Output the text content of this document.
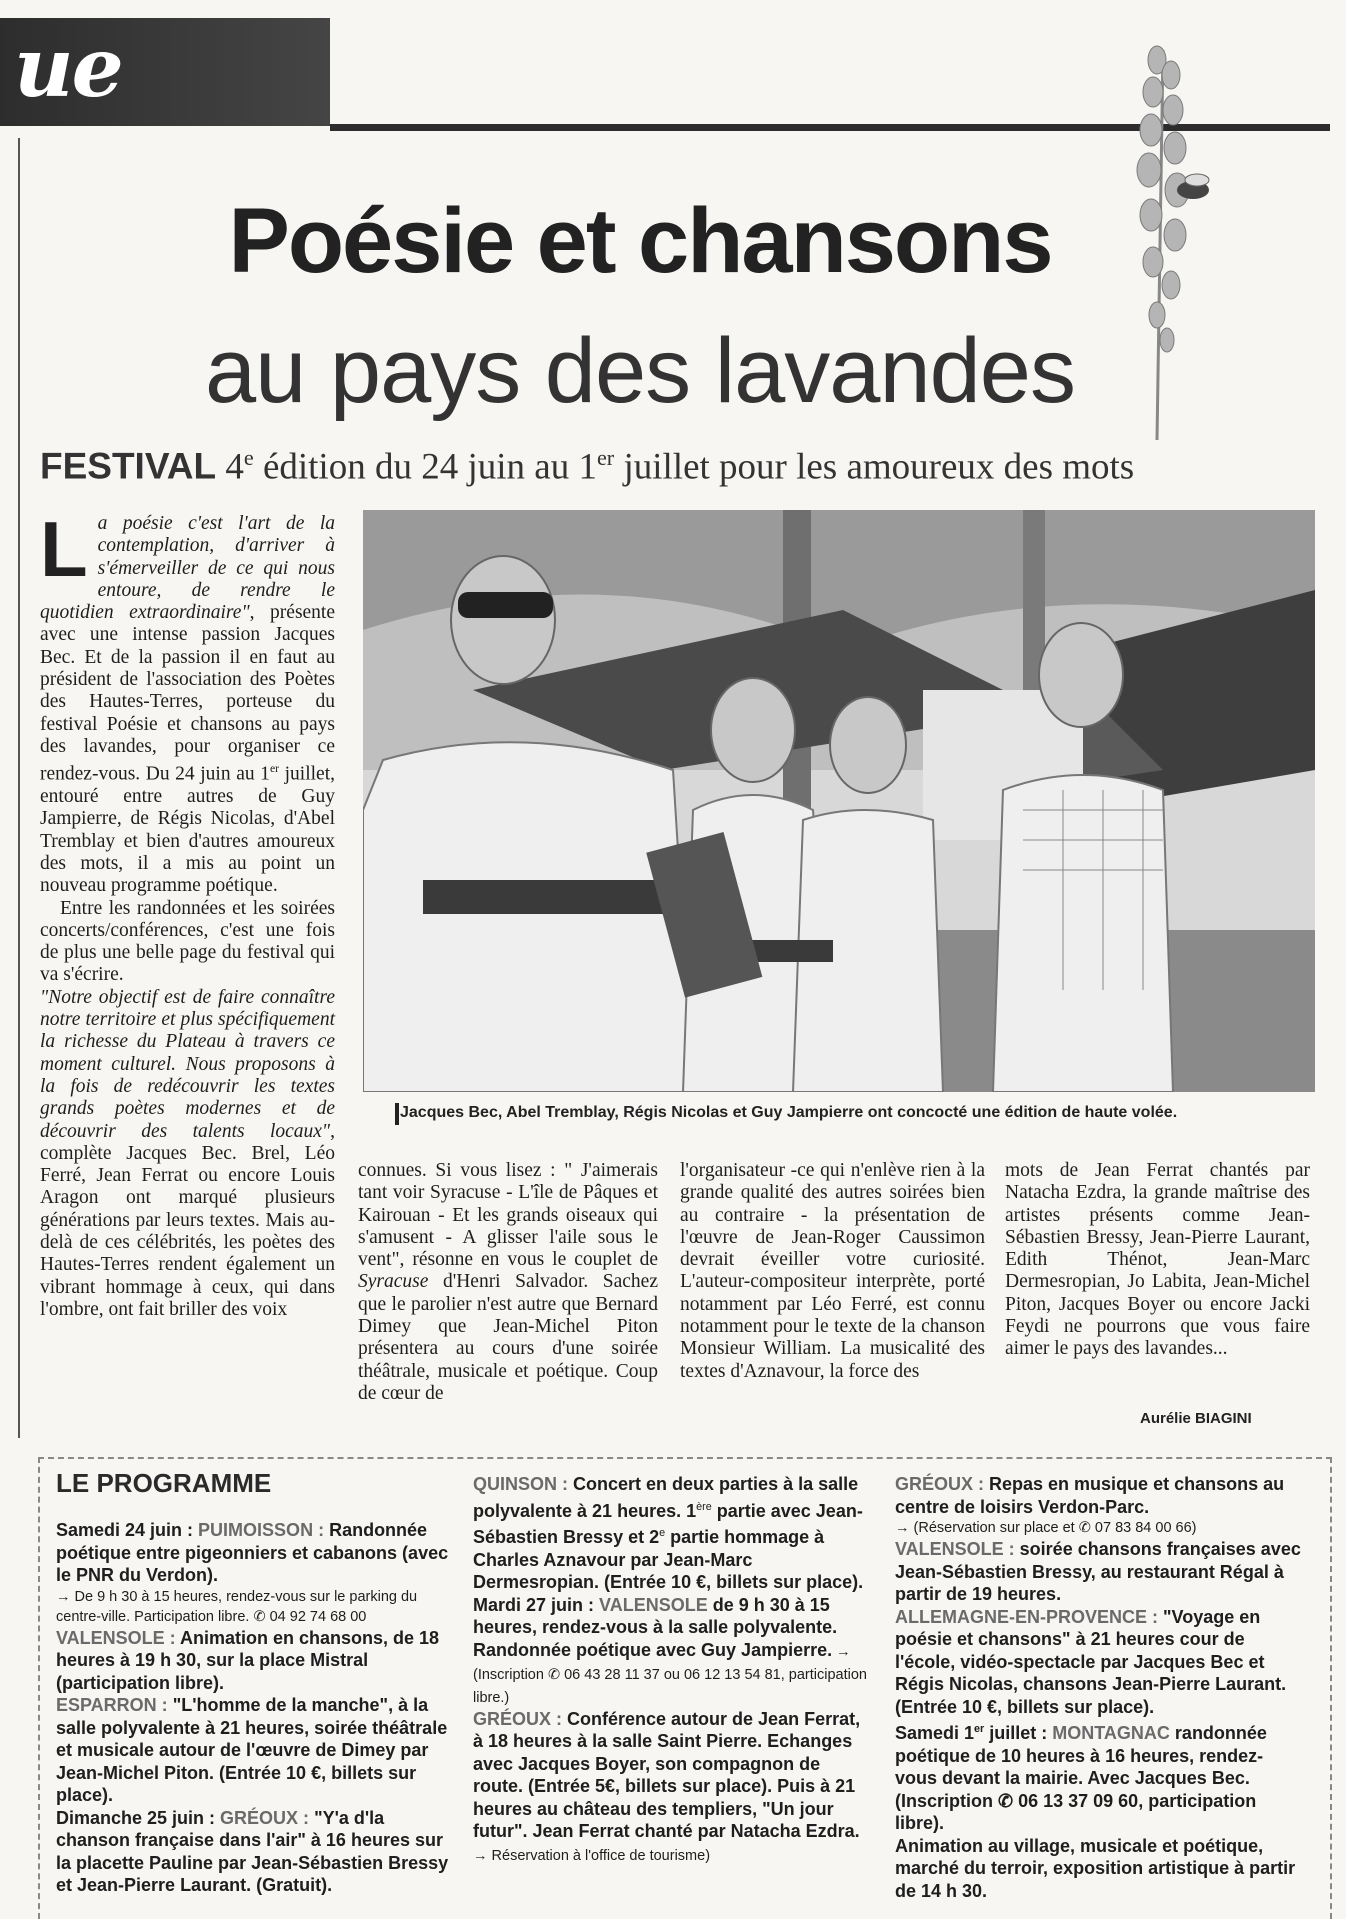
ue
Poésie et chansons
au pays des lavandes
FESTIVAL 4e édition du 24 juin au 1er juillet pour les amoureux des mots
Jacques Bec, Abel Tremblay, Régis Nicolas et Guy Jampierre ont concocté une édition de haute volée.

La poésie c'est l'art de la contemplation, d'arriver à s'émerveiller de ce qui nous entoure, de rendre le quotidien extraordinaire", présente avec une intense passion Jacques Bec. Et de la passion il en faut au président de l'association des Poètes des Hautes-Terres, porteuse du festival Poésie et chansons au pays des lavandes, pour organiser ce rendez-vous. Du 24 juin au 1er juillet, entouré entre autres de Guy Jampierre, de Régis Nicolas, d'Abel Tremblay et bien d'autres amoureux des mots, il a mis au point un nouveau programme poétique.

Entre les randonnées et les soirées concerts/conférences, c'est une fois de plus une belle page du festival qui va s'écrire.

"Notre objectif est de faire connaître notre territoire et plus spécifiquement la richesse du Plateau à travers ce moment culturel. Nous proposons à la fois de redécouvrir les textes grands poètes modernes et de découvrir des talents locaux", complète Jacques Bec. Brel, Léo Ferré, Jean Ferrat ou encore Louis Aragon ont marqué plusieurs générations par leurs textes. Mais au-delà de ces célébrités, les poètes des Hautes-Terres rendent également un vibrant hommage à ceux, qui dans l'ombre, ont fait briller des voix

connues. Si vous lisez : " J'aimerais tant voir Syracuse - L'île de Pâques et Kairouan - Et les grands oiseaux qui s'amusent - A glisser l'aile sous le vent", résonne en vous le couplet de Syracuse d'Henri Salvador. Sachez que le parolier n'est autre que Bernard Dimey que Jean-Michel Piton présentera au cours d'une soirée théâtrale, musicale et poétique. Coup de cœur de

l'organisateur -ce qui n'enlève rien à la grande qualité des autres soirées bien au contraire - la présentation de l'œuvre de Jean-Roger Caussimon devrait éveiller votre curiosité. L'auteur-compositeur interprète, porté notamment par Léo Ferré, est connu notamment pour le texte de la chanson Monsieur William. La musicalité des textes d'Aznavour, la force des
mots de Jean Ferrat chantés par Natacha Ezdra, la grande maîtrise des artistes présents comme Jean-Sébastien Bressy, Jean-Pierre Laurant, Edith Thénot, Jean-Marc Dermesropian, Jo Labita, Jean-Michel Piton, Jacques Boyer ou encore Jacki Feydi ne pourrons que vous faire aimer le pays des lavandes...
Aurélie BIAGINI
LE PROGRAMME

Samedi 24 juin : PUIMOISSON : Randonnée poétique entre pigeonniers et cabanons (avec le PNR du Verdon).

→ De 9 h 30 à 15 heures, rendez-vous sur le parking du centre-ville. Participation libre. ✆ 04 92 74 68 00

VALENSOLE : Animation en chansons, de 18 heures à 19 h 30, sur la place Mistral (participation libre).

ESPARRON : "L'homme de la manche", à la salle polyvalente à 21 heures, soirée théâtrale et musicale autour de l'œuvre de Dimey par Jean-Michel Piton. (Entrée 10 €, billets sur place).

Dimanche 25 juin : GRÉOUX : "Y'a d'la chanson française dans l'air" à 16 heures sur la placette Pauline par Jean-Sébastien Bressy et Jean-Pierre Laurant. (Gratuit).

QUINSON : Concert en deux parties à la salle polyvalente à 21 heures. 1ère partie avec Jean-Sébastien Bressy et 2e partie hommage à Charles Aznavour par Jean-Marc Dermesropian. (Entrée 10 €, billets sur place).

Mardi 27 juin : VALENSOLE de 9 h 30 à 15 heures, rendez-vous à la salle polyvalente. Randonnée poétique avec Guy Jampierre. → (Inscription ✆ 06 43 28 11 37 ou 06 12 13 54 81, participation libre.)

GRÉOUX : Conférence autour de Jean Ferrat, à 18 heures à la salle Saint Pierre. Echanges avec Jacques Boyer, son compagnon de route. (Entrée 5€, billets sur place). Puis à 21 heures au château des templiers, "Un jour futur". Jean Ferrat chanté par Natacha Ezdra. → Réservation à l'office de tourisme)

GRÉOUX : Repas en musique et chansons au centre de loisirs Verdon-Parc.

→ (Réservation sur place et ✆ 07 83 84 00 66)

VALENSOLE : soirée chansons françaises avec Jean-Sébastien Bressy, au restaurant Régal à partir de 19 heures.

ALLEMAGNE-EN-PROVENCE : "Voyage en poésie et chansons" à 21 heures cour de l'école, vidéo-spectacle par Jacques Bec et Régis Nicolas, chansons Jean-Pierre Laurant. (Entrée 10 €, billets sur place).

Samedi 1er juillet : MONTAGNAC randonnée poétique de 10 heures à 16 heures, rendez-vous devant la mairie. Avec Jacques Bec. (Inscription ✆ 06 13 37 09 60, participation libre).

Animation au village, musicale et poétique, marché du terroir, exposition artistique à partir de 14 h 30.
